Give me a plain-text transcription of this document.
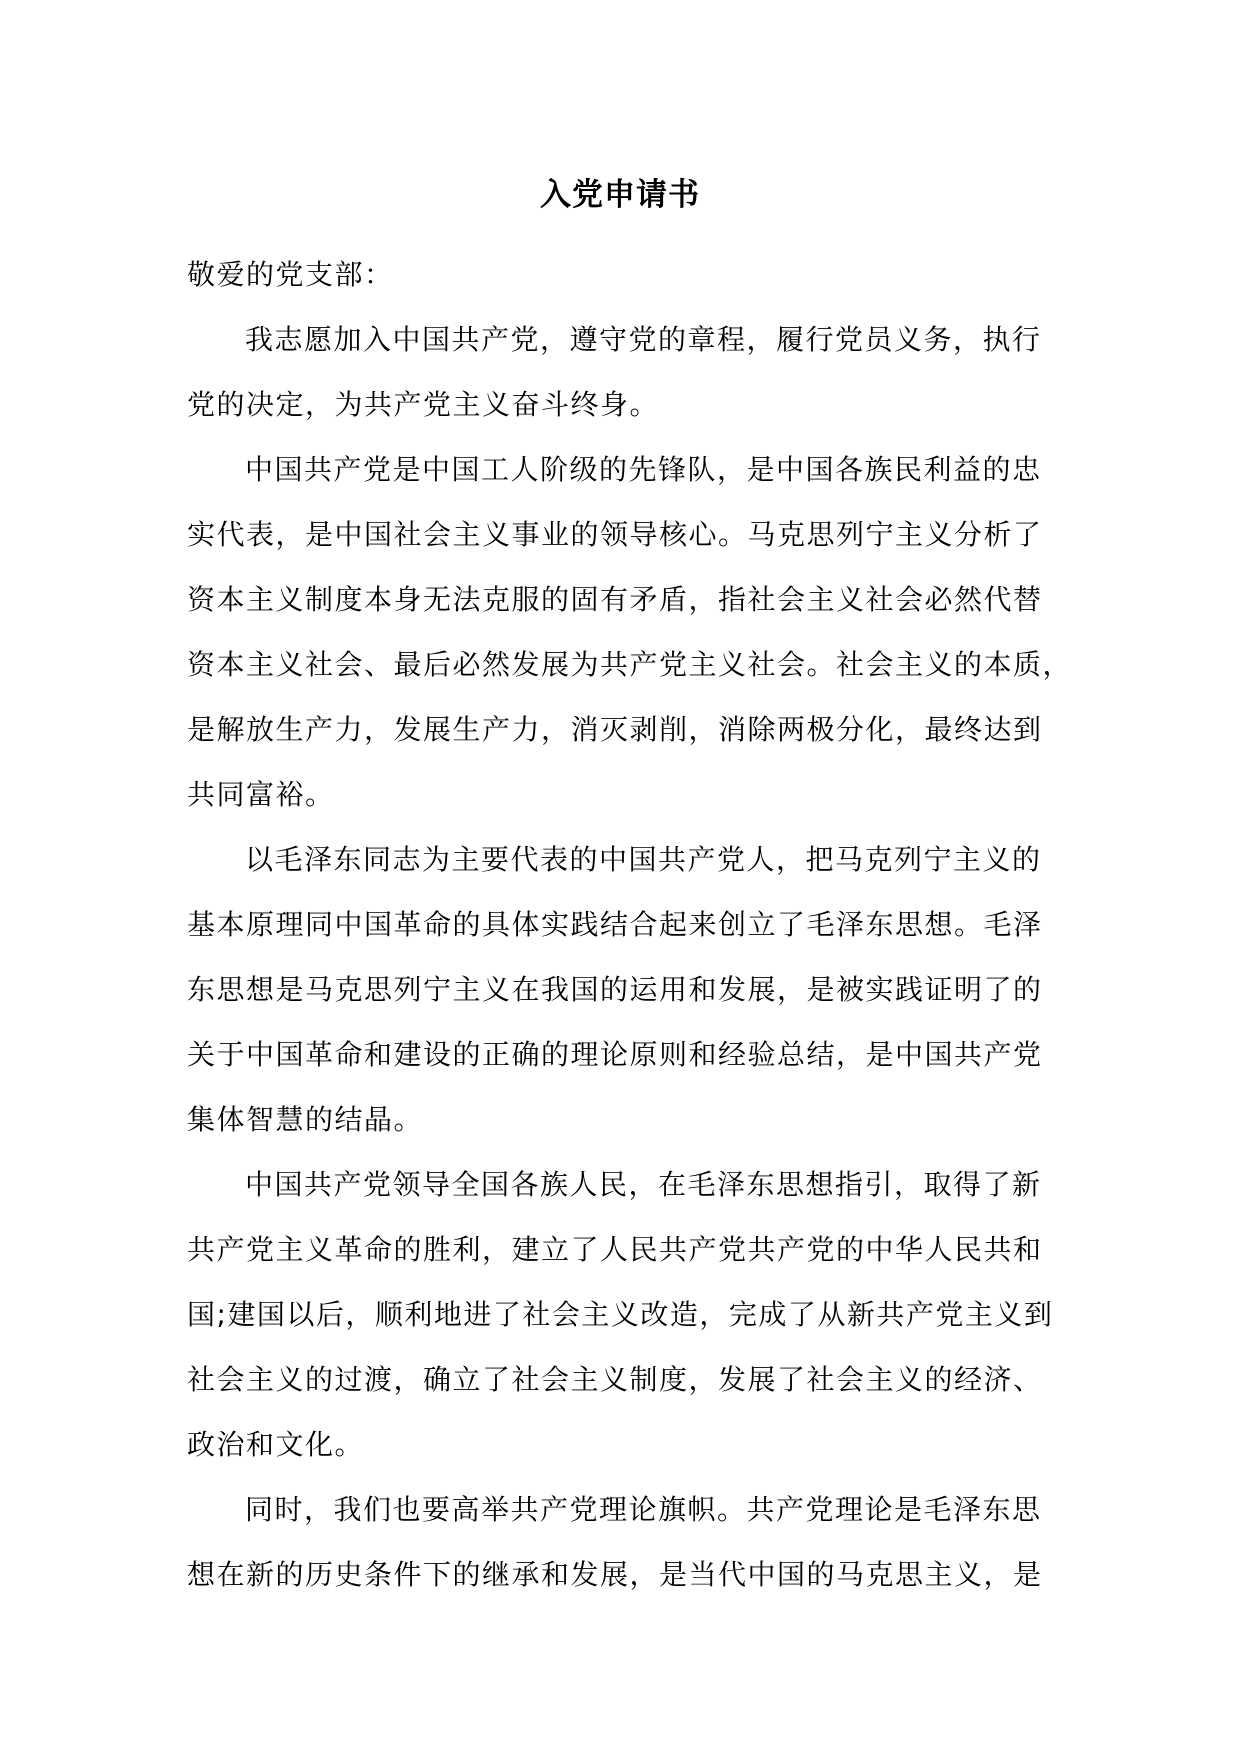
入党申请书

敬爱的党支部：

我志愿加入中国共产党，遵守党的章程，履行党员义务，执行
党的决定，为共产党主义奋斗终身。

中国共产党是中国工人阶级的先锋队，是中国各族民利益的忠
实代表，是中国社会主义事业的领导核心。马克思列宁主义分析了
资本主义制度本身无法克服的固有矛盾，指社会主义社会必然代替
资本主义社会、最后必然发展为共产党主义社会。社会主义的本质，
是解放生产力，发展生产力，消灭剥削，消除两极分化，最终达到
共同富裕。

以毛泽东同志为主要代表的中国共产党人，把马克列宁主义的
基本原理同中国革命的具体实践结合起来创立了毛泽东思想。毛泽
东思想是马克思列宁主义在我国的运用和发展，是被实践证明了的
关于中国革命和建设的正确的理论原则和经验总结，是中国共产党
集体智慧的结晶。

中国共产党领导全国各族人民，在毛泽东思想指引，取得了新
共产党主义革命的胜利，建立了人民共产党共产党的中华人民共和
国;建国以后，顺利地进了社会主义改造，完成了从新共产党主义到
社会主义的过渡，确立了社会主义制度，发展了社会主义的经济、
政治和文化。

同时，我们也要高举共产党理论旗帜。共产党理论是毛泽东思
想在新的历史条件下的继承和发展，是当代中国的马克思主义，是
